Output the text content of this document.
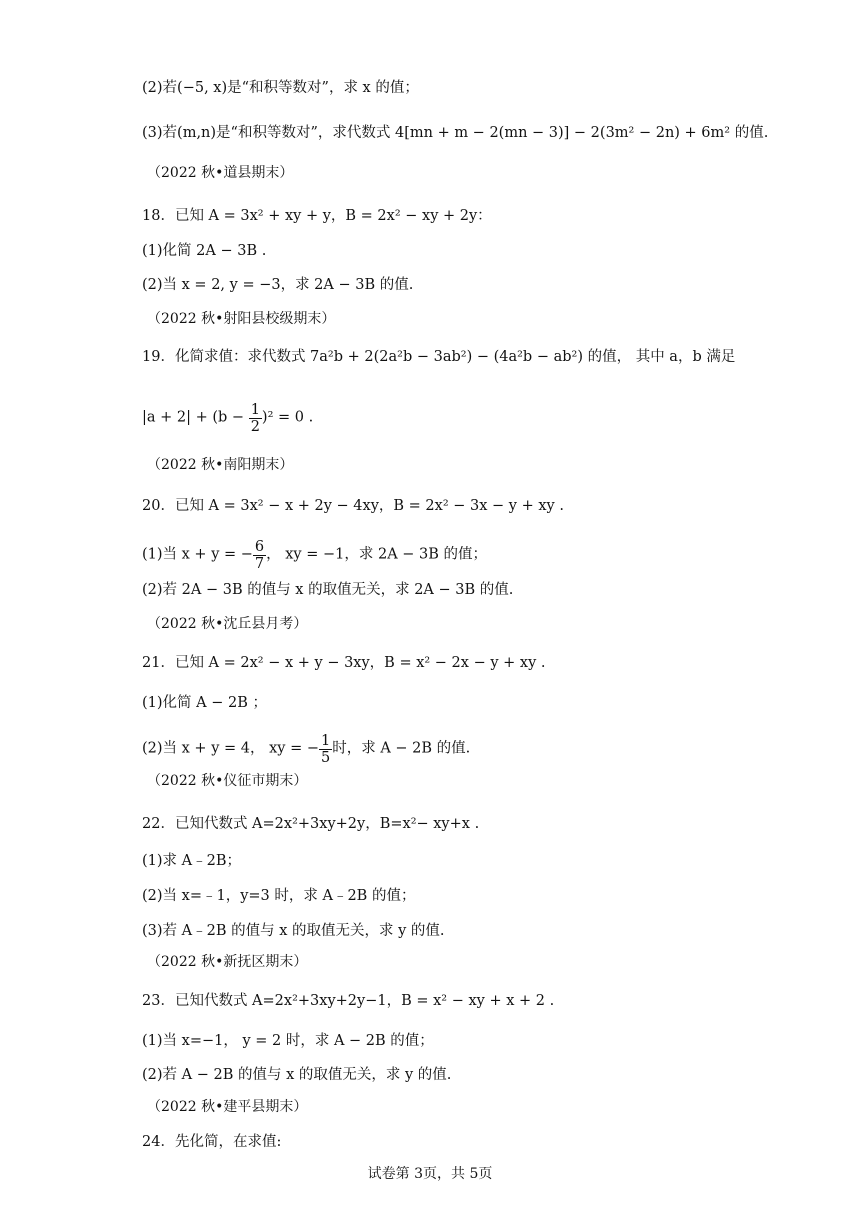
(2)若(−5, x)是“和积等数对”，求 x 的值；
(3)若(m,n)是“和积等数对”，求代数式 4[mn + m − 2(mn − 3)] − 2(3m² − 2n) + 6m² 的值.
（2022 秋•道县期末）
18．已知 A = 3x² + xy + y，B = 2x² − xy + 2y：
(1)化简 2A − 3B .
(2)当 x = 2, y = −3，求 2A − 3B 的值.
（2022 秋•射阳县校级期末）
19．化简求值：求代数式 7a²b + 2(2a²b − 3ab²) − (4a²b − ab²) 的值， 其中 a，b 满足
$|a + 2| + (b - \frac{1}{2} )^2 = 0$ .
（2022 秋•南阳期末）
20．已知 A = 3x² − x + 2y − 4xy，B = 2x² − 3x − y + xy .
(1)当 x + y = − $\frac{6}{7}$ ， xy = −1，求 2A − 3B 的值；
(2)若 2A − 3B 的值与 x 的取值无关，求 2A − 3B 的值.
（2022 秋•沈丘县月考）
21．已知 A = 2x² − x + y − 3xy，B = x² − 2x − y + xy .
(1)化简 A − 2B ；
(2)当 x + y = 4， xy = − $\frac{1}{5}$ 时，求 A − 2B 的值.
（2022 秋•仪征市期末）
22．已知代数式 A=2x²+3xy+2y，B=x²− xy+x .
(1)求 A﹣2B；
(2)当 x=﹣1，y=3 时，求 A﹣2B 的值；
(3)若 A﹣2B 的值与 x 的取值无关，求 y 的值.
（2022 秋•新抚区期末）
23．已知代数式 A=2x²+3xy+2y−1，B = x² − xy + x + 2 .
(1)当 x=−1， y = 2 时，求 A − 2B 的值；
(2)若 A − 2B 的值与 x 的取值无关，求 y 的值.
（2022 秋•建平县期末）
24．先化简，在求值:
试卷第 3页，共 5页
